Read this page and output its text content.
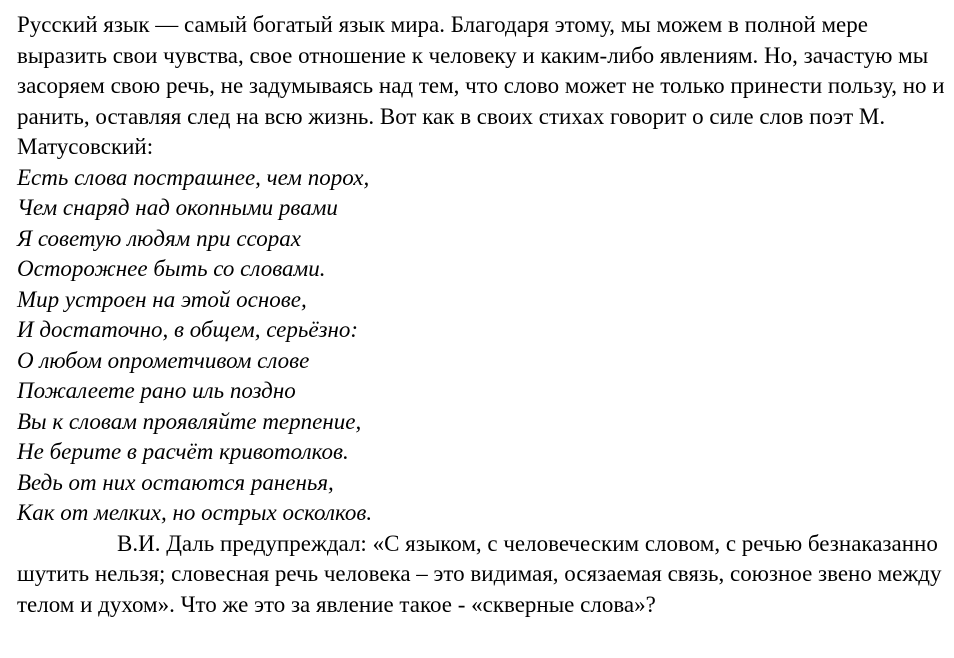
Русский язык — самый богатый язык мира. Благодаря этому, мы можем в полной мере выразить свои чувства, свое отношение к человеку и каким-либо явлениям. Но, зачастую мы засоряем свою речь, не задумываясь над тем, что слово может не только принести пользу, но и ранить, оставляя след на всю жизнь. Вот как в своих стихах говорит о силе слов поэт М. Матусовский:

Есть слова пострашнее, чем порох,
Чем снаряд над окопными рвами
Я советую людям при ссорах
Осторожнее быть со словами.
Мир устроен на этой основе,
И достаточно, в общем, серьёзно:
О любом опрометчивом слове
Пожалеете рано иль поздно
Вы к словам проявляйте терпение,
Не берите в расчёт кривотолков.
Ведь от них остаются раненья,
Как от мелких, но острых осколков.

В.И. Даль предупреждал: «С языком, с человеческим словом, с речью безнаказанно шутить нельзя; словесная речь человека – это видимая, осязаемая связь, союзное звено между телом и духом». Что же это за явление такое - «скверные слова»?
